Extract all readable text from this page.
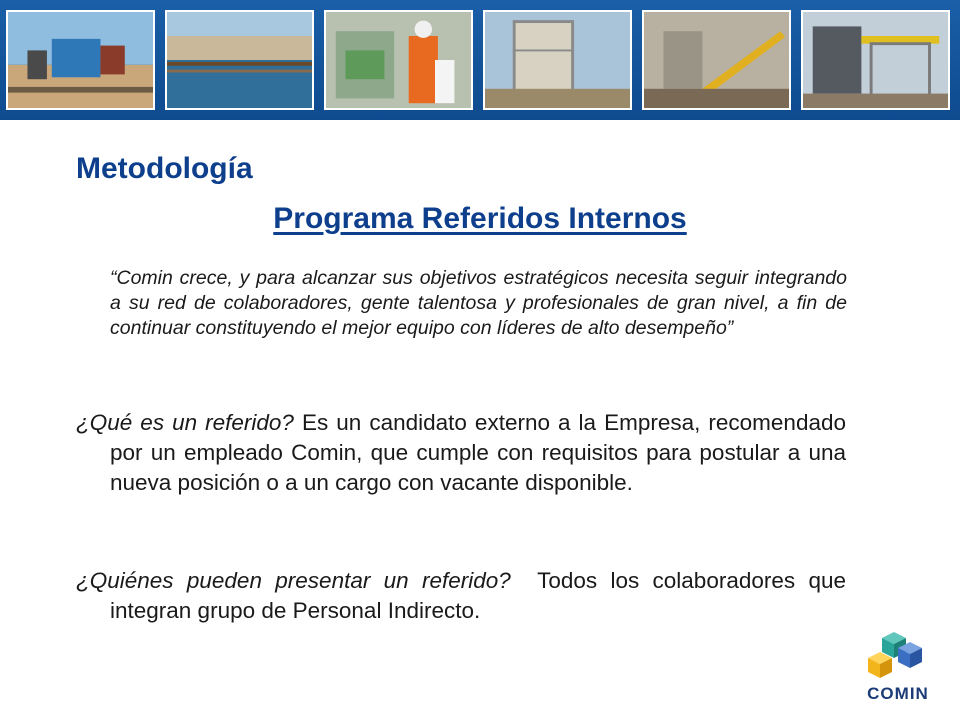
Metodología
Programa Referidos Internos
“Comin crece, y para alcanzar sus objetivos estratégicos necesita seguir integrando a su red de colaboradores, gente talentosa y profesionales de gran nivel, a fin de continuar constituyendo el mejor equipo con líderes de alto desempeño”
¿Qué es un referido? Es un candidato externo a la Empresa, recomendado por un empleado Comin, que cumple con requisitos para postular a una nueva posición o a un cargo con vacante disponible.
¿Quiénes pueden presentar un referido?  Todos los colaboradores que integran grupo de Personal Indirecto.
COMIN
